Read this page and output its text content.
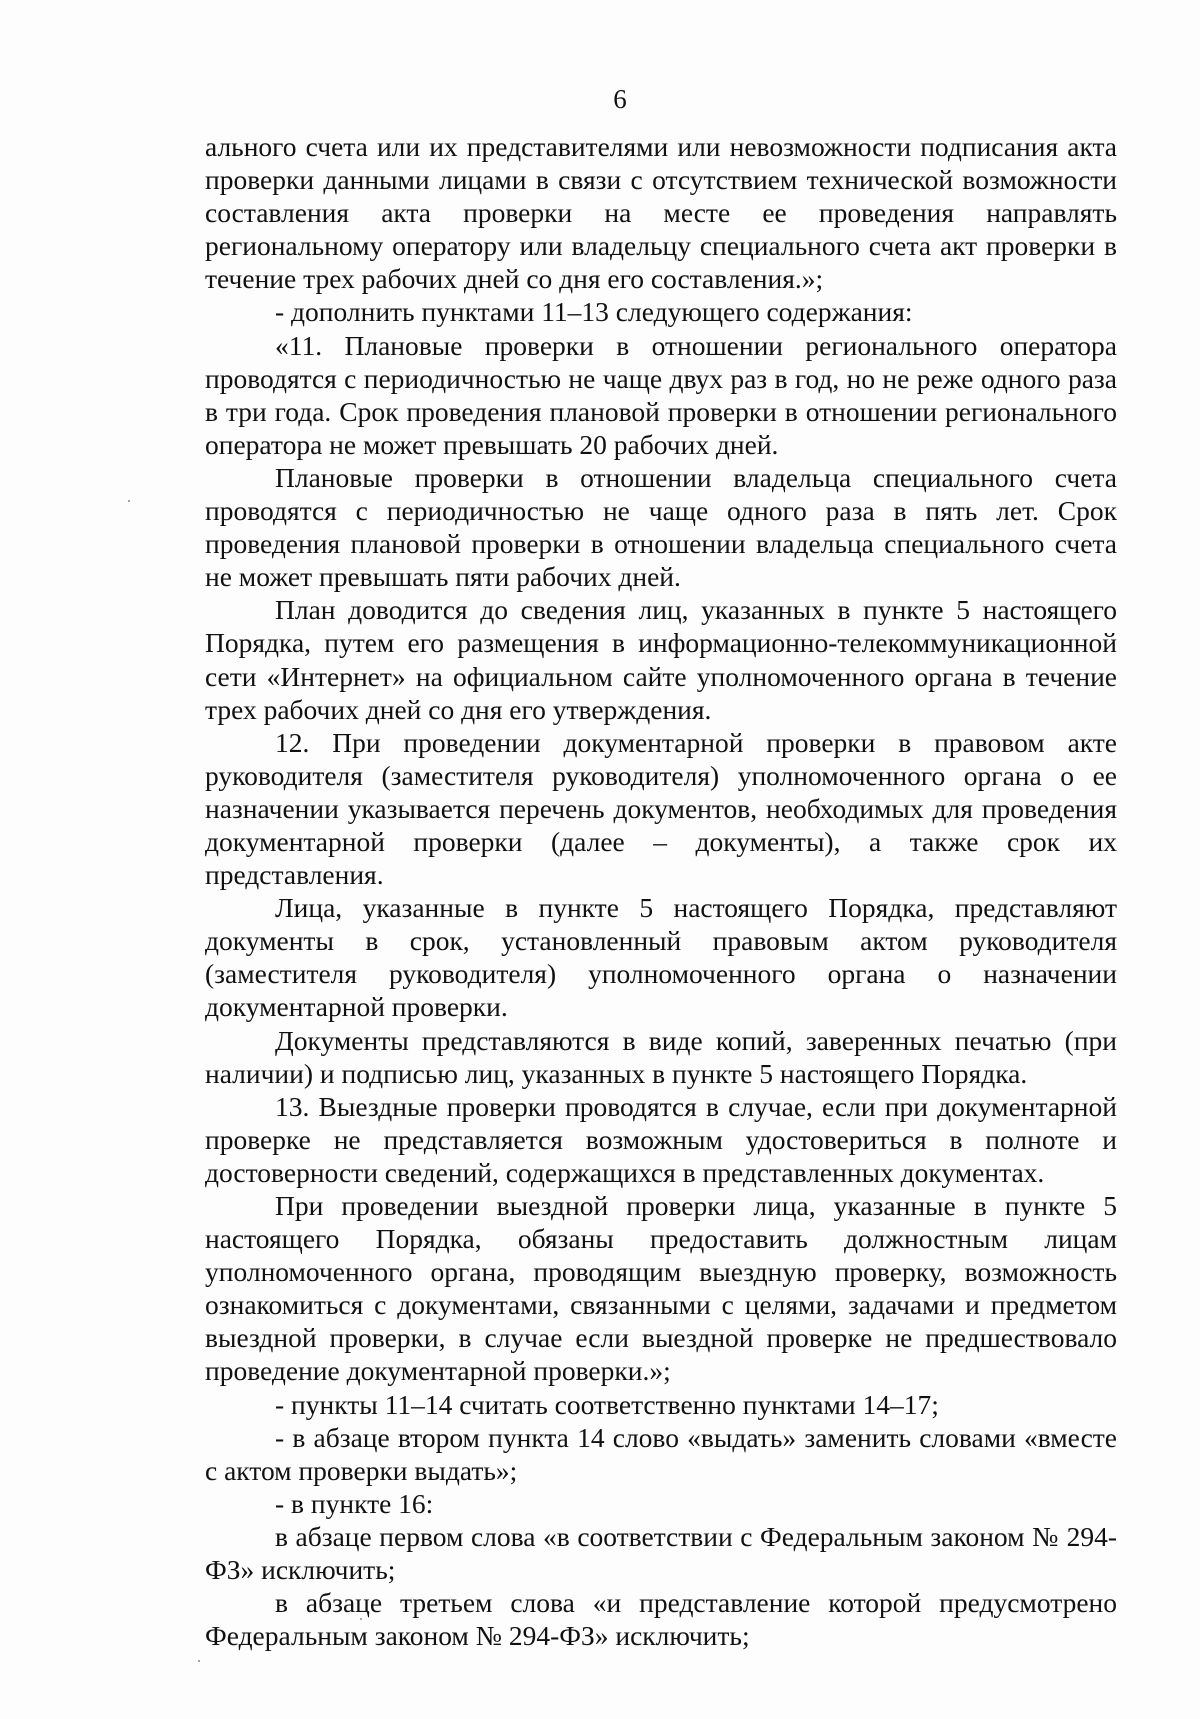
6

ального счета или их представителями или невозможности подписания акта проверки данными лицами в связи с отсутствием технической возможности составления акта проверки на месте ее проведения направлять региональному оператору или владельцу специального счета акт проверки в течение трех рабочих дней со дня его составления.»;

- дополнить пунктами 11–13 следующего содержания:

«11. Плановые проверки в отношении регионального оператора проводятся с периодичностью не чаще двух раз в год, но не реже одного раза в три года. Срок проведения плановой проверки в отношении регионального оператора не может превышать 20 рабочих дней.

Плановые проверки в отношении владельца специального счета проводятся с периодичностью не чаще одного раза в пять лет. Срок проведения плановой проверки в отношении владельца специального счета не может превышать пяти рабочих дней.

План доводится до сведения лиц, указанных в пункте 5 настоящего Порядка, путем его размещения в информационно-телекоммуникационной сети «Интернет» на официальном сайте уполномоченного органа в течение трех рабочих дней со дня его утверждения.

12. При проведении документарной проверки в правовом акте руководителя (заместителя руководителя) уполномоченного органа о ее назначении указывается перечень документов, необходимых для проведения документарной проверки (далее – документы), а также срок их представления.

Лица, указанные в пункте 5 настоящего Порядка, представляют документы в срок, установленный правовым актом руководителя (заместителя руководителя) уполномоченного органа о назначении документарной проверки.

Документы представляются в виде копий, заверенных печатью (при наличии) и подписью лиц, указанных в пункте 5 настоящего Порядка.

13. Выездные проверки проводятся в случае, если при документарной проверке не представляется возможным удостовериться в полноте и достоверности сведений, содержащихся в представленных документах.

При проведении выездной проверки лица, указанные в пункте 5 настоящего Порядка, обязаны предоставить должностным лицам уполномоченного органа, проводящим выездную проверку, возможность ознакомиться с документами, связанными с целями, задачами и предметом выездной проверки, в случае если выездной проверке не предшествовало проведение документарной проверки.»;

- пункты 11–14 считать соответственно пунктами 14–17;

- в абзаце втором пункта 14 слово «выдать» заменить словами «вместе с актом проверки выдать»;

- в пункте 16:

в абзаце первом слова «в соответствии с Федеральным законом № 294-ФЗ» исключить;

в абзаце третьем слова «и представление которой предусмотрено Федеральным законом № 294-ФЗ» исключить;
